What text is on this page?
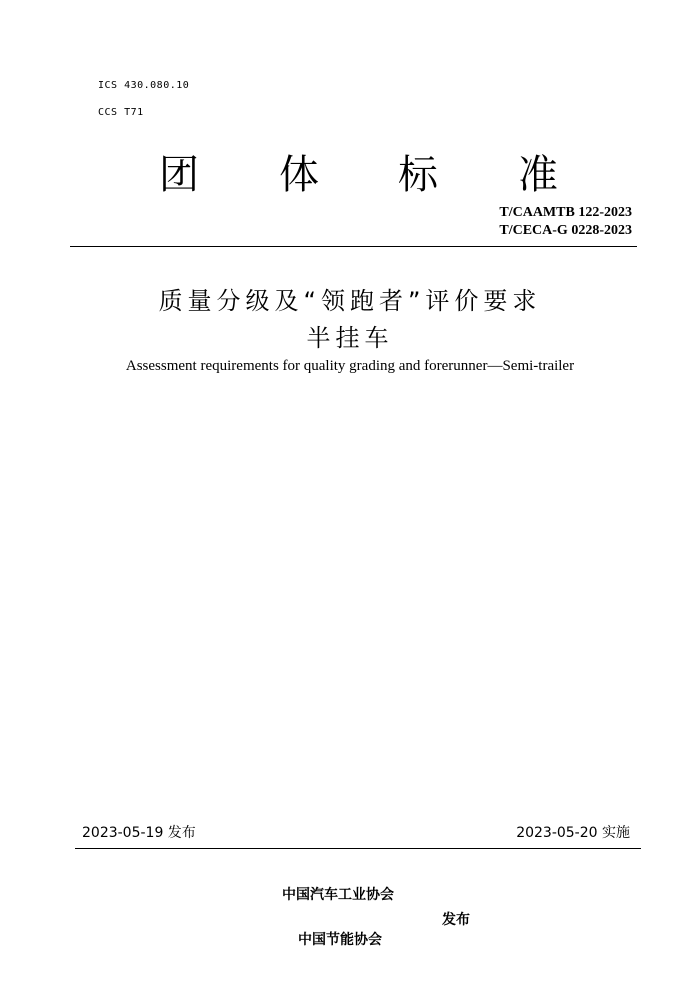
ICS 430.080.10
CCS T71
团 体 标 准
T/CAAMTB 122-2023
T/CECA-G 0228-2023
质量分级及“领跑者”评价要求
半挂车
Assessment requirements for quality grading and forerunner—Semi-trailer
2023-05-19 发布	2023-05-20 实施
中国汽车工业协会
发布
中国节能协会
